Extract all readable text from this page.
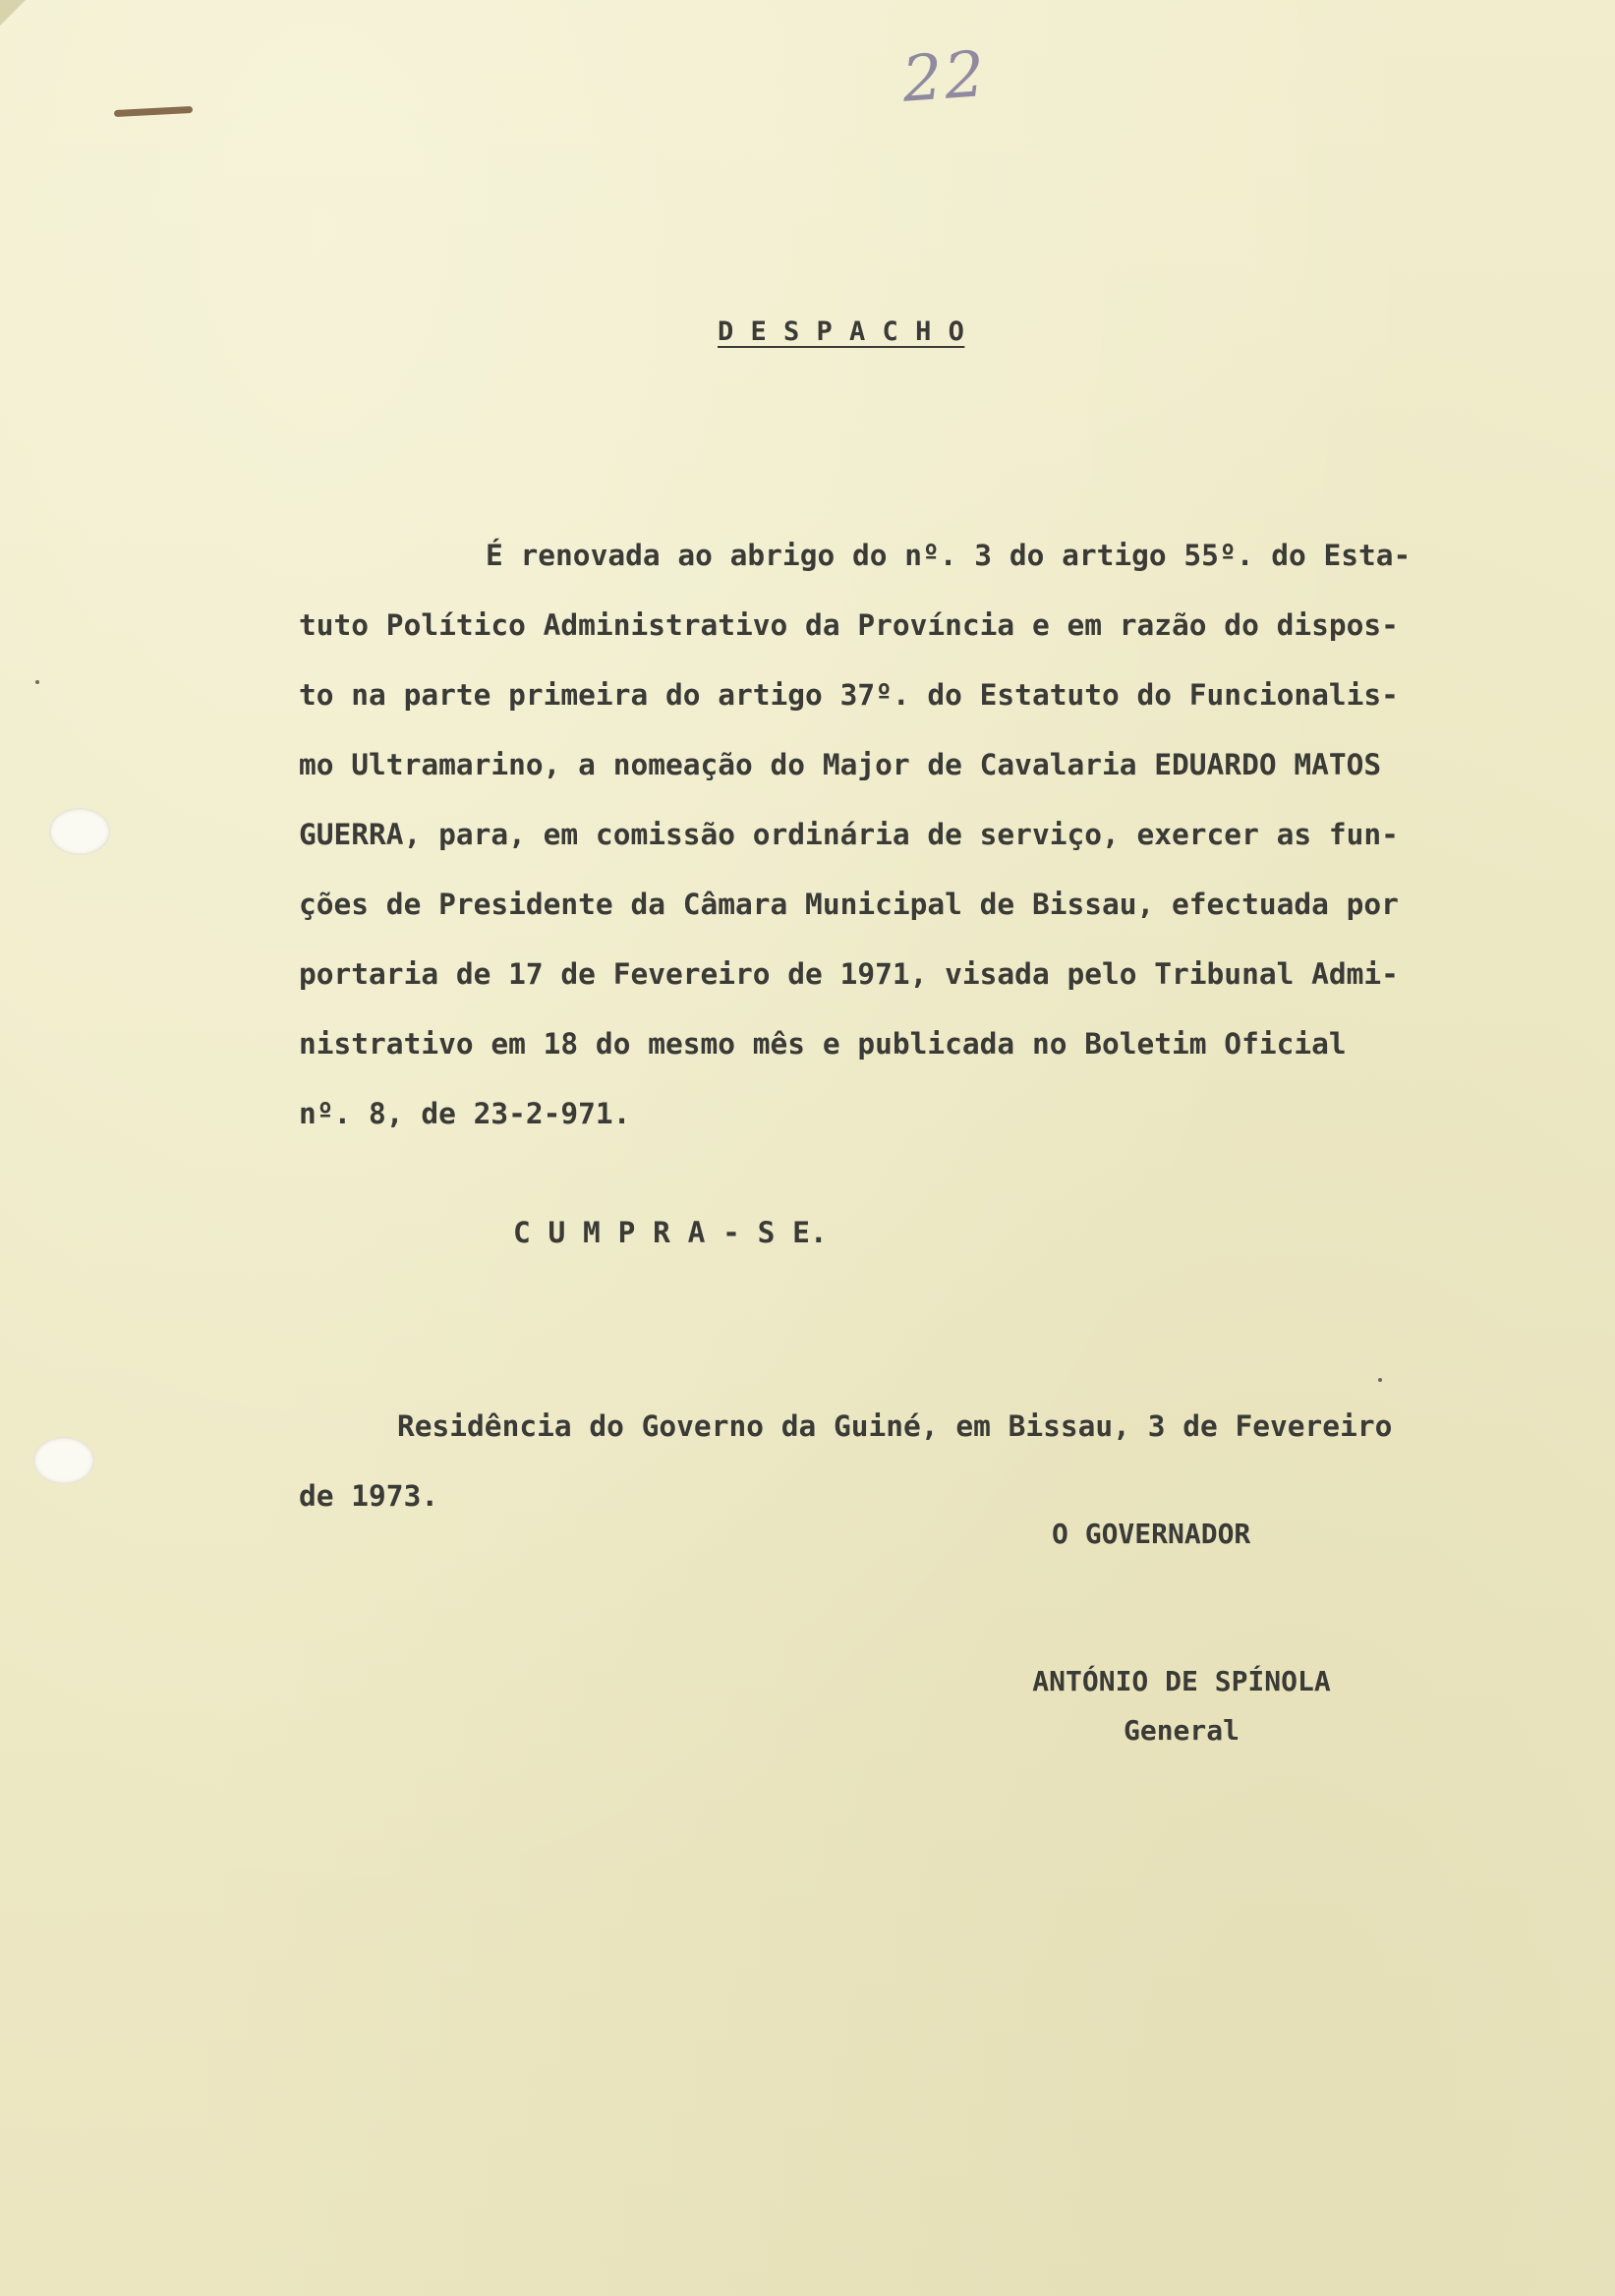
22
D E S P A C H O
É renovada ao abrigo do nº. 3 do artigo 55º. do Esta-
tuto Político Administrativo da Província e em razão do dispos-
to na parte primeira do artigo 37º. do Estatuto do Funcionalis-
mo Ultramarino, a nomeação do Major de Cavalaria EDUARDO MATOS
GUERRA, para, em comissão ordinária de serviço, exercer as fun-
ções de Presidente da Câmara Municipal de Bissau, efectuada por
portaria de 17 de Fevereiro de 1971, visada pelo Tribunal Admi-
nistrativo em 18 do mesmo mês e publicada no Boletim Oficial
nº. 8, de 23-2-971.
C U M P R A - S E.
Residência do Governo da Guiné, em Bissau, 3 de Fevereiro
de 1973.
O GOVERNADOR
ANTÓNIO DE SPÍNOLA
General
